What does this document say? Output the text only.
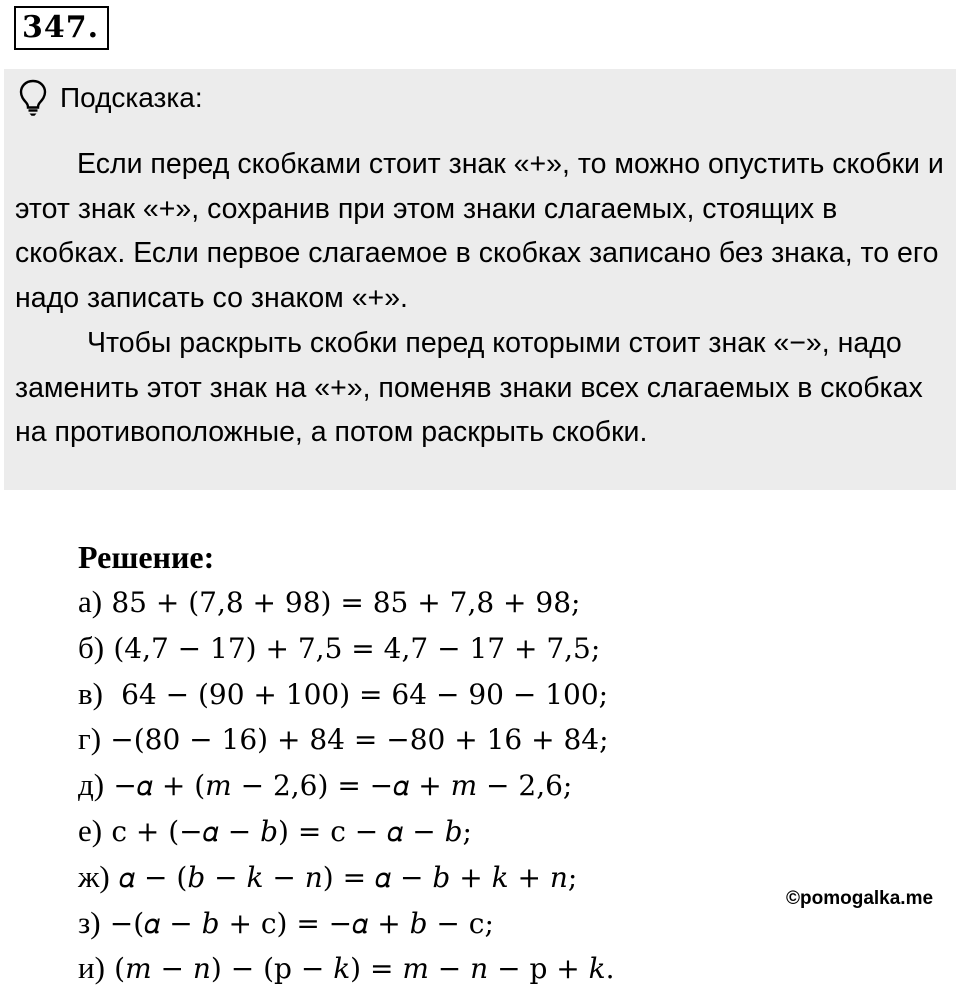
347.
Подсказка:

Если перед скобками стоит знак «+», то можно опустить скобки и этот знак «+», сохранив при этом знаки слагаемых, стоящих в скобках. Если первое слагаемое в скобках записано без знака, то его надо записать со знаком «+».

Чтобы раскрыть скобки перед которыми стоит знак «−», надо заменить этот знак на «+», поменяв знаки всех слагаемых в скобках на противоположные, а потом раскрыть скобки.

Решение:
а) 85 + (7,8 + 98) = 85 + 7,8 + 98;
б) (4,7 − 17) + 7,5 = 4,7 − 17 + 7,5;
в)  64 − (90 + 100) = 64 − 90 − 100;
г) −(80 − 16) + 84 = −80 + 16 + 84;
д) −𝛼 + (𝑚 − 2,6) = −𝛼 + 𝑚 − 2,6;
е) c + (−𝛼 − 𝑏) = c − 𝛼 − 𝑏;
ж) 𝛼 − (𝑏 − 𝑘 − 𝑛) = 𝛼 − 𝑏 + 𝑘 + 𝑛;
з) −(𝛼 − 𝑏 + c) = −𝛼 + 𝑏 − c;
и) (𝑚 − 𝑛) − (p − 𝑘) = 𝑚 − 𝑛 − p + 𝑘.
©pomogalka.me
